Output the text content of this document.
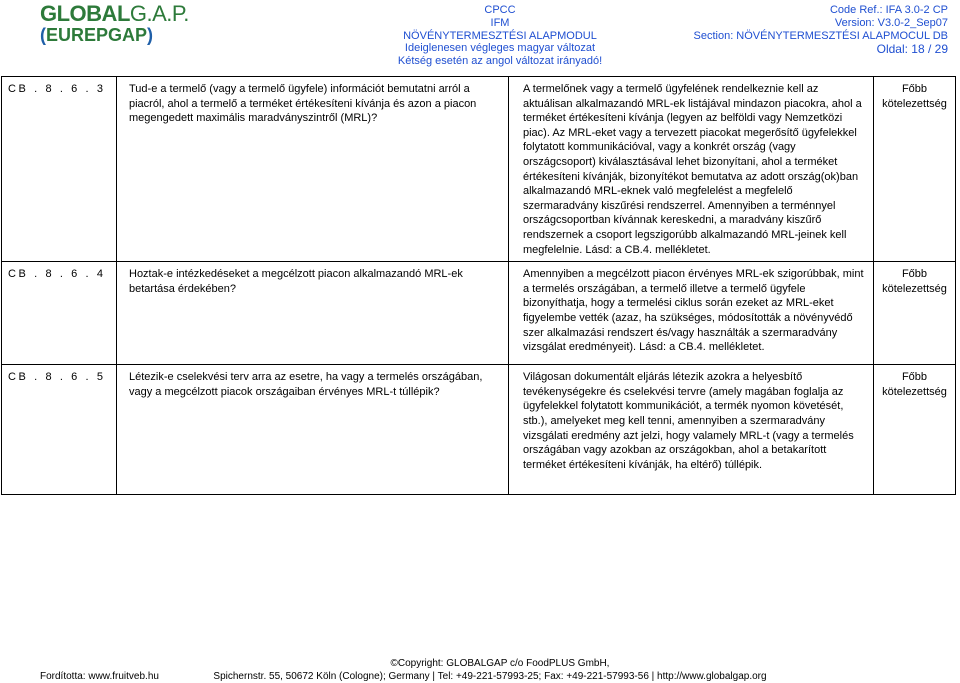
GLOBALG.A.P.
(EUREPGAP)
CPCC
IFM
NÖVÉNYTERMESZTÉSI ALAPMODUL
Ideiglenesen végleges magyar változat
Kétség esetén az angol változat irányadó!
Code Ref.: IFA 3.0-2 CP
Version: V3.0-2_Sep07
Section: NÖVÉNYTERMESZTÉSI ALAPMOCUL DB
Oldal: 18 / 29
CB . 8 . 6 . 3	Tud-e a termelő (vagy a termelő ügyfele) információt bemutatni arról a piacról, ahol a termelő a terméket értékesíteni kívánja és azon a piacon megengedett maximális maradványszintről (MRL)?	A termelőnek vagy a termelő ügyfelének rendelkeznie kell az aktuálisan alkalmazandó MRL-ek listájával mindazon piacokra, ahol a terméket értékesíteni kívánja (legyen az belföldi vagy Nemzetközi piac). Az MRL-eket vagy a tervezett piacokat megerősítő ügyfelekkel folytatott kommunikációval, vagy a konkrét ország (vagy országcsoport) kiválasztásával lehet bizonyítani, ahol a terméket értékesíteni kívánják, bizonyítékot bemutatva az adott ország(ok)ban alkalmazandó MRL-eknek való megfelelést a megfelelő szermaradvány kiszűrési rendszerrel. Amennyiben a terménnyel országcsoportban kívánnak kereskedni, a maradvány kiszűrő rendszernek a csoport legszigorúbb alkalmazandó MRL-jeinek kell megfelelnie. Lásd: a CB.4. mellékletet.	Főbb kötelezettség
CB . 8 . 6 . 4	Hoztak-e intézkedéseket a megcélzott piacon alkalmazandó MRL-ek betartása érdekében?	Amennyiben a megcélzott piacon érvényes MRL-ek szigorúbbak, mint a termelés országában, a termelő illetve a termelő ügyfele bizonyíthatja, hogy a termelési ciklus során ezeket az MRL-eket figyelembe vették (azaz, ha szükséges, módosították a növényvédő szer alkalmazási rendszert és/vagy használták a szermaradvány vizsgálat eredményeit). Lásd: a CB.4. mellékletet.	Főbb kötelezettség
CB . 8 . 6 . 5	Létezik-e cselekvési terv arra az esetre, ha vagy a termelés országában, vagy a megcélzott piacok országaiban érvényes MRL-t túllépik?	Világosan dokumentált eljárás létezik azokra a helyesbítő tevékenységekre és cselekvési tervre (amely magában foglalja az ügyfelekkel folytatott kommunikációt, a termék nyomon követését, stb.), amelyeket meg kell tenni, amennyiben a szermaradvány vizsgálati eredmény azt jelzi, hogy valamely MRL-t (vagy a termelés országában vagy azokban az országokban, ahol a betakarított terméket értékesíteni kívánják, ha eltérő) túllépik.	Főbb kötelezettség
©Copyright: GLOBALGAP c/o FoodPLUS GmbH,
Fordította: www.fruitveb.hu	Spichernstr. 55, 50672 Köln (Cologne); Germany | Tel: +49-221-57993-25; Fax: +49-221-57993-56 | http://www.globalgap.org
